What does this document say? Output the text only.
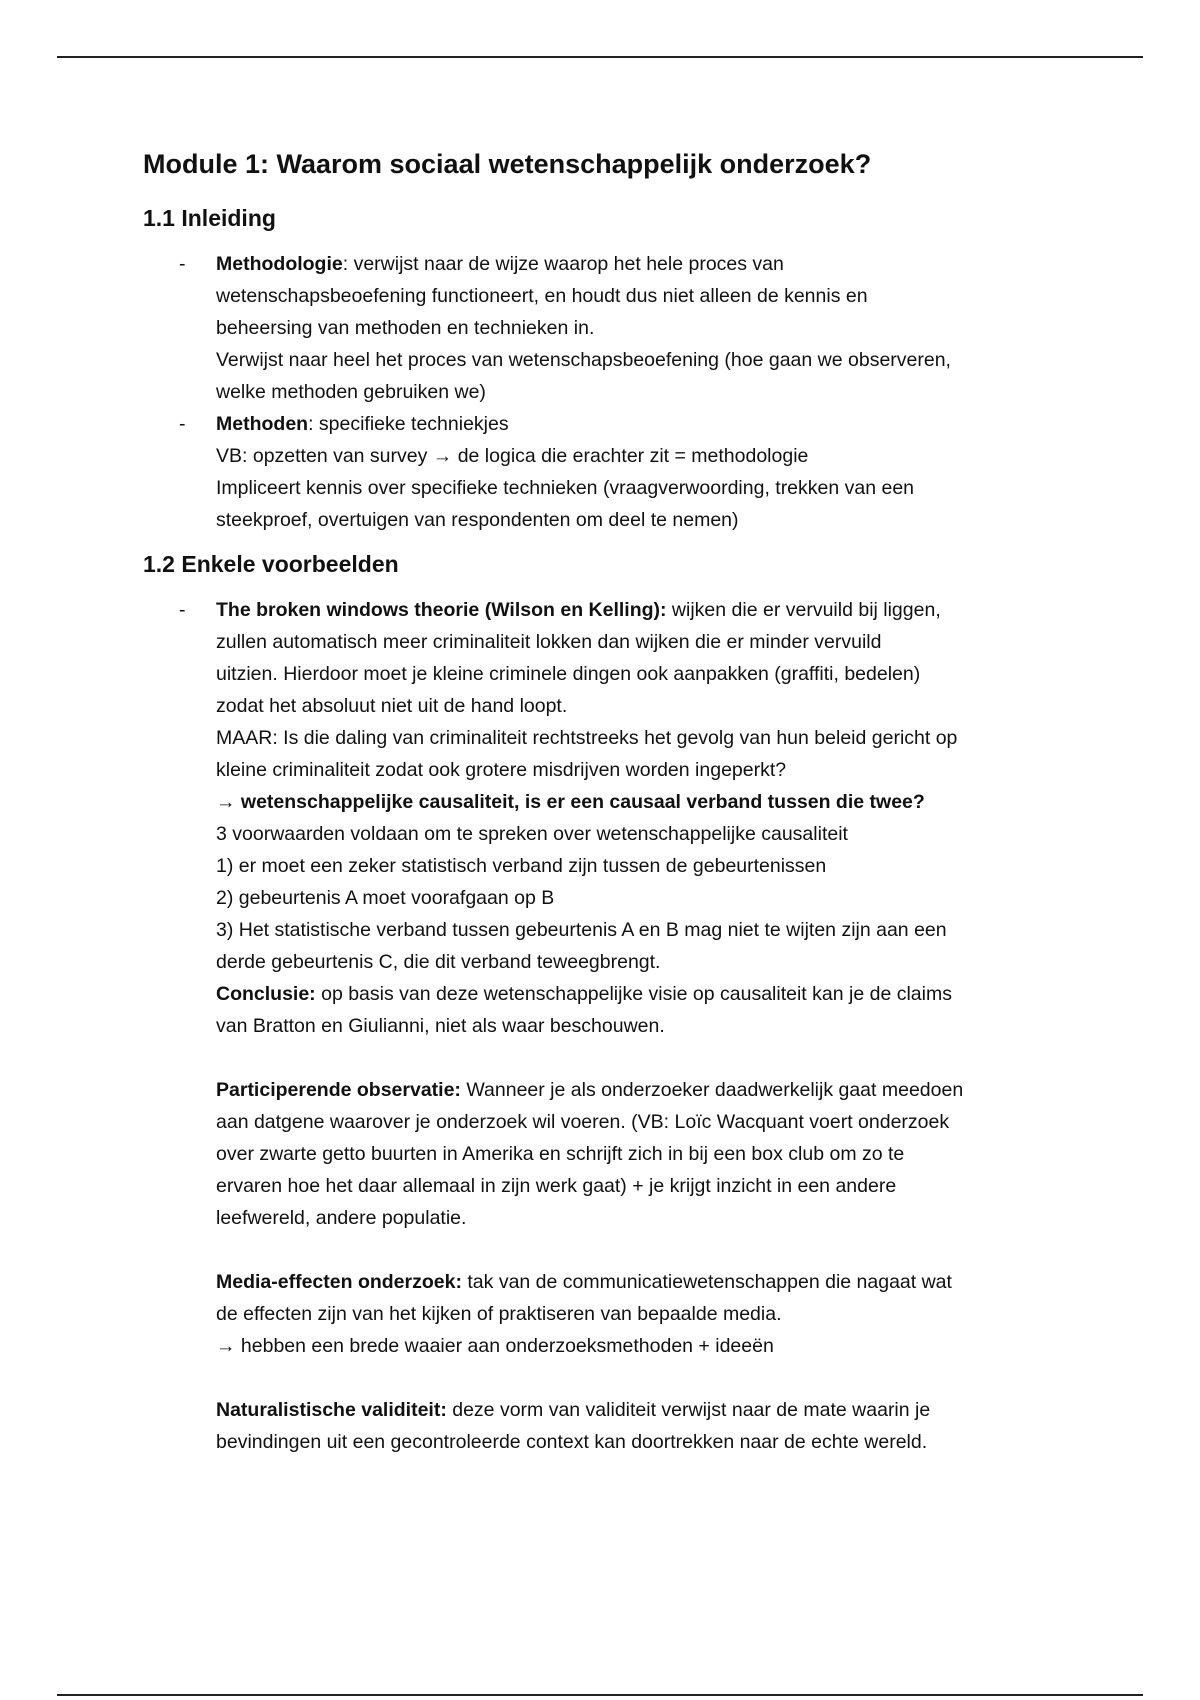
Module 1: Waarom sociaal wetenschappelijk onderzoek?
1.1 Inleiding
- Methodologie: verwijst naar de wijze waarop het hele proces van
wetenschapsbeoefening functioneert, en houdt dus niet alleen de kennis en
beheersing van methoden en technieken in.
Verwijst naar heel het proces van wetenschapsbeoefening (hoe gaan we observeren,
welke methoden gebruiken we)
- Methoden: specifieke techniekjes
VB: opzetten van survey → de logica die erachter zit = methodologie
Impliceert kennis over specifieke technieken (vraagverwoording, trekken van een
steekproef, overtuigen van respondenten om deel te nemen)
1.2 Enkele voorbeelden
- The broken windows theorie (Wilson en Kelling): wijken die er vervuild bij liggen,
zullen automatisch meer criminaliteit lokken dan wijken die er minder vervuild
uitzien. Hierdoor moet je kleine criminele dingen ook aanpakken (graffiti, bedelen)
zodat het absoluut niet uit de hand loopt.
MAAR: Is die daling van criminaliteit rechtstreeks het gevolg van hun beleid gericht op
kleine criminaliteit zodat ook grotere misdrijven worden ingeperkt?
→ wetenschappelijke causaliteit, is er een causaal verband tussen die twee?
3 voorwaarden voldaan om te spreken over wetenschappelijke causaliteit
1) er moet een zeker statistisch verband zijn tussen de gebeurtenissen
2) gebeurtenis A moet voorafgaan op B
3) Het statistische verband tussen gebeurtenis A en B mag niet te wijten zijn aan een
derde gebeurtenis C, die dit verband teweegbrengt.
Conclusie: op basis van deze wetenschappelijke visie op causaliteit kan je de claims
van Bratton en Giulianni, niet als waar beschouwen.
Participerende observatie: Wanneer je als onderzoeker daadwerkelijk gaat meedoen
aan datgene waarover je onderzoek wil voeren. (VB: Loïc Wacquant voert onderzoek
over zwarte getto buurten in Amerika en schrijft zich in bij een box club om zo te
ervaren hoe het daar allemaal in zijn werk gaat) + je krijgt inzicht in een andere
leefwereld, andere populatie.
Media-effecten onderzoek: tak van de communicatiewetenschappen die nagaat wat
de effecten zijn van het kijken of praktiseren van bepaalde media.
→ hebben een brede waaier aan onderzoeksmethoden + ideeën
Naturalistische validiteit: deze vorm van validiteit verwijst naar de mate waarin je
bevindingen uit een gecontroleerde context kan doortrekken naar de echte wereld.
